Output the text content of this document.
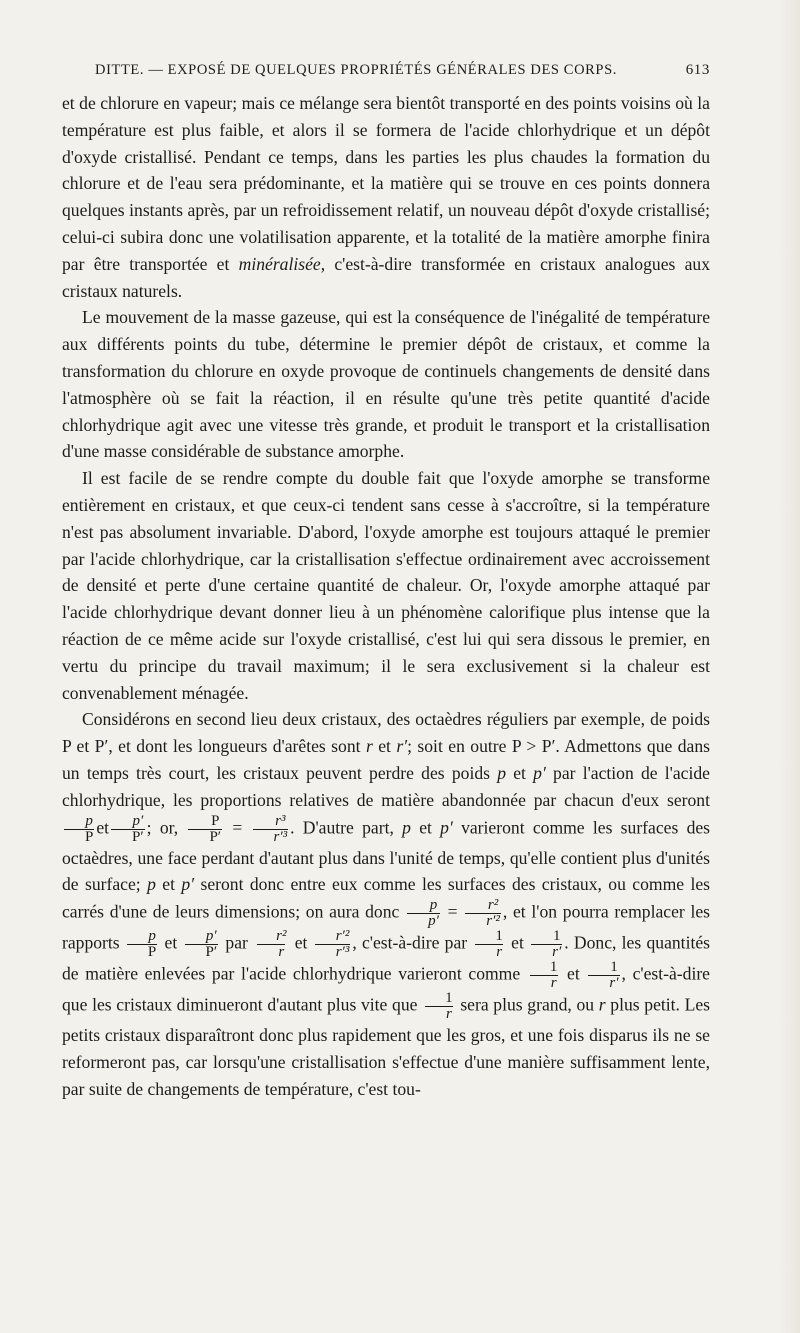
DITTE. — EXPOSÉ DE QUELQUES PROPRIÉTÉS GÉNÉRALES DES CORPS.	613

et de chlorure en vapeur; mais ce mélange sera bientôt transporté en des points voisins où la température est plus faible, et alors il se formera de l'acide chlorhydrique et un dépôt d'oxyde cristallisé. Pendant ce temps, dans les parties les plus chaudes la formation du chlorure et de l'eau sera prédominante, et la matière qui se trouve en ces points donnera quelques instants après, par un refroidissement relatif, un nouveau dépôt d'oxyde cristallisé; celui-ci subira donc une volatilisation apparente, et la totalité de la matière amorphe finira par être transportée et minéralisée, c'est-à-dire transformée en cristaux analogues aux cristaux naturels.

Le mouvement de la masse gazeuse, qui est la conséquence de l'inégalité de température aux différents points du tube, détermine le premier dépôt de cristaux, et comme la transformation du chlorure en oxyde provoque de continuels changements de densité dans l'atmosphère où se fait la réaction, il en résulte qu'une très petite quantité d'acide chlorhydrique agit avec une vitesse très grande, et produit le transport et la cristallisation d'une masse considérable de substance amorphe.

Il est facile de se rendre compte du double fait que l'oxyde amorphe se transforme entièrement en cristaux, et que ceux-ci tendent sans cesse à s'accroître, si la température n'est pas absolument invariable. D'abord, l'oxyde amorphe est toujours attaqué le premier par l'acide chlorhydrique, car la cristallisation s'effectue ordinairement avec accroissement de densité et perte d'une certaine quantité de chaleur. Or, l'oxyde amorphe attaqué par l'acide chlorhydrique devant donner lieu à un phénomène calorifique plus intense que la réaction de ce même acide sur l'oxyde cristallisé, c'est lui qui sera dissous le premier, en vertu du principe du travail maximum; il le sera exclusivement si la chaleur est convenablement ménagée.

Considérons en second lieu deux cristaux, des octaèdres réguliers par exemple, de poids P et P′, et dont les longueurs d'arêtes sont r et r′; soit en outre P > P′. Admettons que dans un temps très court, les cristaux peuvent perdre des poids p et p′ par l'action de l'acide chlorhydrique, les proportions relatives de matière abandonnée par chacun d'eux seront
$\frac{p}{P}$ et $\frac{p'}{P'}$ ; or, $\frac{P}{P'} = \frac{\text{r³}}{\text{r′³}}$ . D'autre part, p et p′ varieront comme les surfaces des octaèdres, une face perdant d'autant plus dans l'unité de temps, qu'elle contient plus d'unités de surface; p et p′ seront donc entre eux comme les surfaces des cristaux, ou comme les carrés d'une de leurs dimensions; on aura donc $\frac{p}{p'} = \frac{\text{r²}}{\text{r′²}}$ , et l'on pourra remplacer les rapports $\frac{p}{P}$ et $\frac{p'}{P'}$ par $\frac{\text{r²}}{r}$ et $\frac{\text{r′²}}{\text{r′³}}$ , c'est-à-dire par $\frac{1}{r}$ et $\frac{1}{r'}$ . Donc, les quantités de matière enlevées par l'acide chlorhydrique varieront comme $\frac{1}{r}$ et $\frac{1}{r'}$ , c'est-à-dire que les cristaux diminueront d'autant plus vite que $\frac{1}{r}$ sera plus grand, ou r plus petit. Les petits cristaux disparaîtront donc plus rapidement que les gros, et une fois disparus ils ne se reformeront pas, car lorsqu'une cristallisation s'effectue d'une manière suffisamment lente, par suite de changements de température, c'est tou-
